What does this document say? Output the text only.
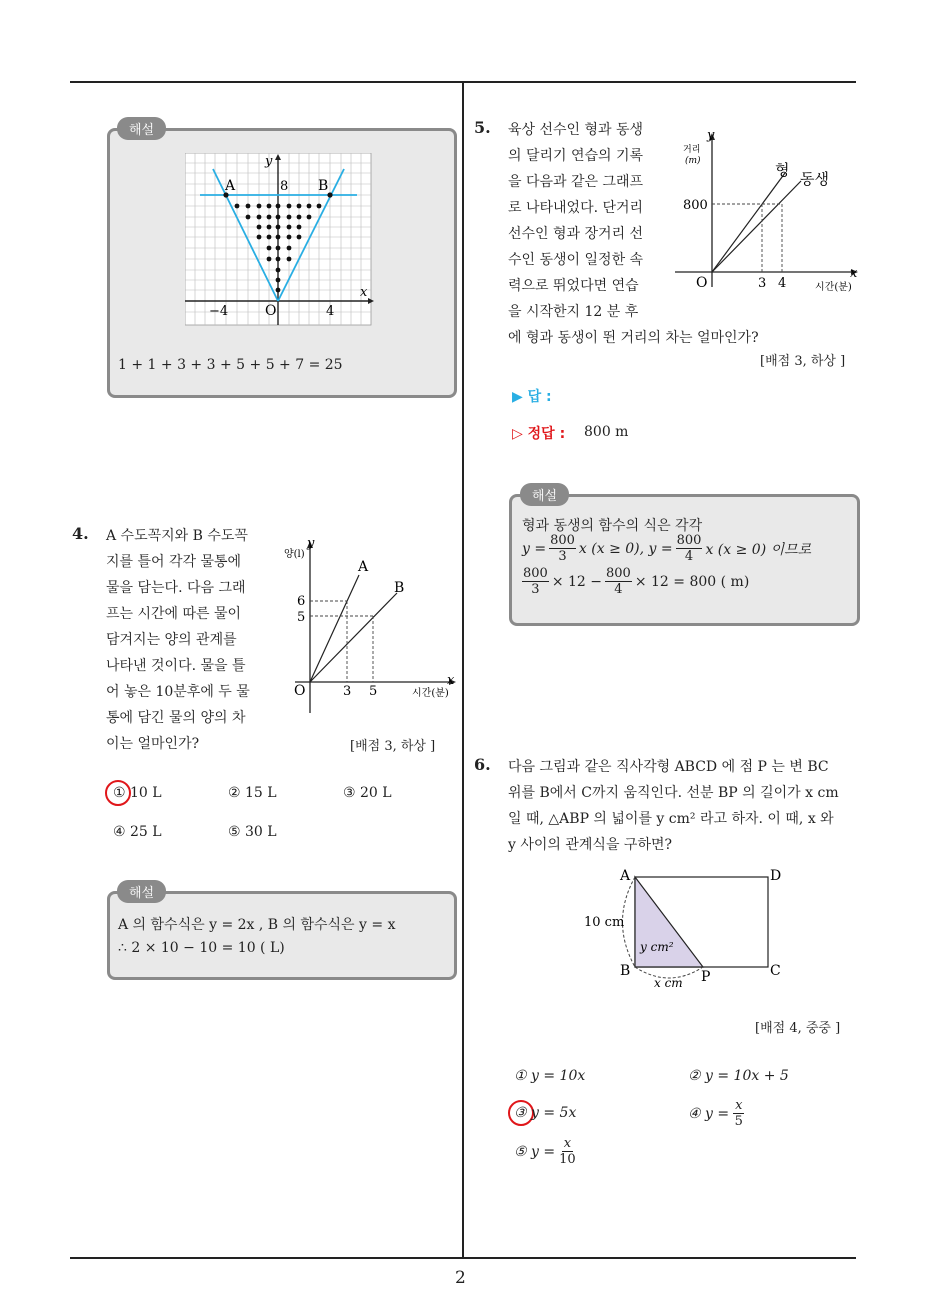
2
해설
y
x
A	B
8
−4	O	4
1 + 1 + 3 + 3 + 5 + 5 + 7 = 25
4. A 수도꼭지와 B 수도꼭
지를 틀어 각각 물통에
물을 담는다. 다음 그래
프는 시간에 따른 물이
담겨지는 양의 관계를
나타낸 것이다. 물을 틀
어 놓은 10분후에 두 물
통에 담긴 물의 양의 차
이는 얼마인가?
양(l)
y
A
B
6
5
O	3 5
x
시간(분)
[배점 3, 하상 ]
① 10 L	② 15 L	③ 20 L
④ 25 L	⑤ 30 L
해설
A 의 함수식은 y = 2x , B 의 함수식은 y = x
∴ 2 × 10 − 10 = 10 ( L)
5. 육상 선수인 형과 동생
의 달리기 연습의 기록
을 다음과 같은 그래프
로 나타내었다. 단거리
선수인 형과 장거리 선
수인 동생이 일정한 속
력으로 뛰었다면 연습
을 시작한지 12 분 후
에 형과 동생이 뛴 거리의 차는 얼마인가?
y
거리
(m)	형 동생
800
O	3 4
x
시간(분)
[배점 3, 하상 ]
▶ 답 :
▷ 정답 : 800 m
해설
형과 동생의 함수의 식은 각각
$y = \frac{800}{3}$ x (x ≥ 0), $y = \frac{800}{4}$ x (x ≥ 0) 이므로
$\frac{800}{3} \times 12 - \frac{800}{4} \times 12 = 800$ ( m)
6. 다음 그림과 같은 직사각형 ABCD 에 점 P 는 변 BC
위를 B에서 C까지 움직인다. 선분 BP 의 길이가 x cm
일 때, △ABP 의 넓이를 y cm² 라고 하자. 이 때, x 와
y 사이의 관계식을 구하면?
A	D
B	C
P
10 cm
y cm²
x cm
[배점 4, 중중 ]
① y = 10x	② y = 10x + 5
③ y = 5x	④ $y = \frac{x}{5}$
⑤ $y = \frac{x}{10}$
